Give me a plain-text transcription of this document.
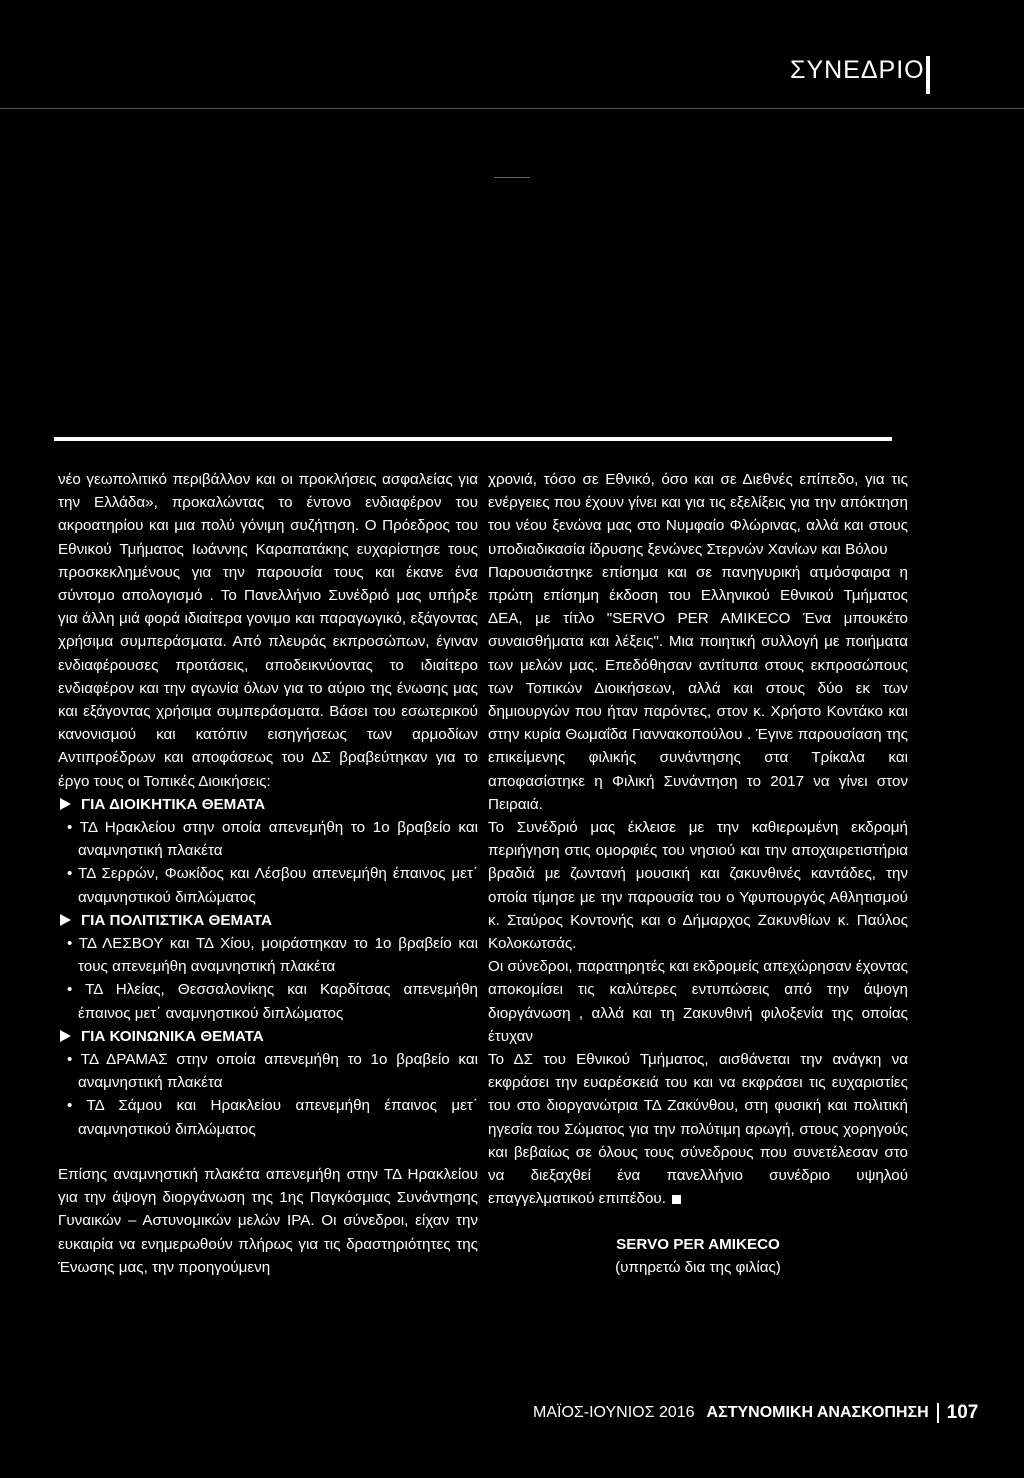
ΣΥΝΕΔΡΙΟ

νέο γεωπολιτικό περιβάλλον και οι προκλήσεις ασφαλείας για την Ελλάδα», προκαλώντας το έντονο ενδιαφέρον του ακροατηρίου και μια πολύ γόνιμη συζήτηση. Ο Πρόεδρος του Εθνικού Τμήματος Ιωάννης Καραπατάκης ευχαρίστησε τους προσκεκλημένους για την παρουσία τους και έκανε ένα σύντομο απολογισμό . Το Πανελλήνιο Συνέδριό μας υπήρξε για άλλη μιά φορά ιδιαίτερα γονιμο και παραγωγικό, εξάγοντας χρήσιμα συμπεράσματα. Από πλευράς εκπροσώπων, έγιναν ενδιαφέρουσες προτάσεις, αποδεικνύοντας το ιδιαίτερο ενδιαφέρον και την αγωνία όλων για το αύριο της ένωσης μας και εξάγοντας χρήσιμα συμπεράσματα. Βάσει του εσωτερικού κανονισμού και κατόπιν εισηγήσεως των αρμοδίων Αντιπροέδρων και αποφάσεως του ΔΣ βραβεύτηκαν για το έργο τους οι Τοπικές Διοικήσεις:

ΓΙΑ ΔΙΟΙΚΗΤΙΚΑ ΘΕΜΑΤΑ

• ΤΔ Ηρακλείου στην οποία απενεμήθη το 1ο βραβείο και αναμνηστική πλακέτα

• ΤΔ Σερρών, Φωκίδος και Λέσβου απενεμήθη έπαινος μετ΄ αναμνηστικού διπλώματος

ΓΙΑ ΠΟΛΙΤΙΣΤΙΚΑ ΘΕΜΑΤΑ

• ΤΔ ΛΕΣΒΟΥ και ΤΔ Χίου, μοιράστηκαν το 1ο βραβείο και τους απενεμήθη αναμνηστική πλακέτα

• ΤΔ Ηλείας, Θεσσαλονίκης και Καρδίτσας απενεμήθη έπαινος μετ΄ αναμνηστικού διπλώματος

ΓΙΑ ΚΟΙΝΩΝΙΚΑ ΘΕΜΑΤΑ

• ΤΔ ΔΡΑΜΑΣ στην οποία απενεμήθη το 1ο βραβείο και αναμνηστική πλακέτα

• ΤΔ Σάμου και Ηρακλείου απενεμήθη έπαινος μετ΄ αναμνηστικού διπλώματος

Επίσης αναμνηστική πλακέτα απενεμήθη στην ΤΔ Ηρακλείου για την άψογη διοργάνωση της 1ης Παγκόσμιας Συνάντησης Γυναικών – Αστυνομικών μελών ΙΡΑ. Οι σύνεδροι, είχαν την ευκαιρία να ενημερωθούν πλήρως για τις δραστηριότητες της Ένωσης μας, την προηγούμενη

χρονιά, τόσο σε Εθνικό, όσο και σε Διεθνές επίπεδο, για τις ενέργειες που έχουν γίνει και για τις εξελίξεις για την απόκτηση του νέου ξενώνα μας στο Νυμφαίο Φλώρινας, αλλά και στους υποδιαδικασία ίδρυσης ξενώνες Στερνών Χανίων και Βόλου

Παρουσιάστηκε επίσημα και σε πανηγυρική ατμόσφαιρα η πρώτη επίσημη έκδοση του Ελληνικού Εθνικού Τμήματος ΔΕΑ, με τίτλο "SERVO PER AMIKECO Ένα μπουκέτο συναισθήματα και λέξεις". Μια ποιητική συλλογή με ποιήματα των μελών μας. Επεδόθησαν αντίτυπα στους εκπροσώπους των Τοπικών Διοικήσεων, αλλά και στους δύο εκ των δημιουργών που ήταν παρόντες, στον κ. Χρήστο Κοντάκο και στην κυρία Θωμαΐδα Γιαννακοπούλου . Έγινε παρουσίαση της επικείμενης φιλικής συνάντησης στα Τρίκαλα και αποφασίστηκε η Φιλική Συνάντηση το 2017 να γίνει στον Πειραιά.

Το Συνέδριό μας έκλεισε με την καθιερωμένη εκδρομή περιήγηση στις ομορφιές του νησιού και την αποχαιρετιστήρια βραδιά με ζωντανή μουσική και ζακυνθινές καντάδες, την οποία τίμησε με την παρουσία του ο Υφυπουργός Αθλητισμού κ. Σταύρος Κοντονής και ο Δήμαρχος Ζακυνθίων κ. Παύλος Κολοκωτσάς.

Οι σύνεδροι, παρατηρητές και εκδρομείς απεχώρησαν έχοντας αποκομίσει τις καλύτερες εντυπώσεις από την άψογη διοργάνωση , αλλά και τη Ζακυνθινή φιλοξενία της οποίας έτυχαν

Το ΔΣ του Εθνικού Τμήματος, αισθάνεται την ανάγκη να εκφράσει την ευαρέσκειά του και να εκφράσει τις ευχαριστίες του στο διοργανώτρια ΤΔ Ζακύνθου, στη φυσική και πολιτική ηγεσία του Σώματος για την πολύτιμη αρωγή, στους χορηγούς και βεβαίως σε όλους τους σύνεδρους που συνετέλεσαν στο να διεξαχθεί ένα πανελλήνιο συνέδριο υψηλού επαγγελματικού επιπέδου.

SERVO PER AMIKECO
(υπηρετώ δια της φιλίας)
ΜΑΪΟΣ-ΙΟΥΝΙΟΣ 2016 ΑΣΤΥΝΟΜΙΚΗ ΑΝΑΣΚΟΠΗΣΗ 107
